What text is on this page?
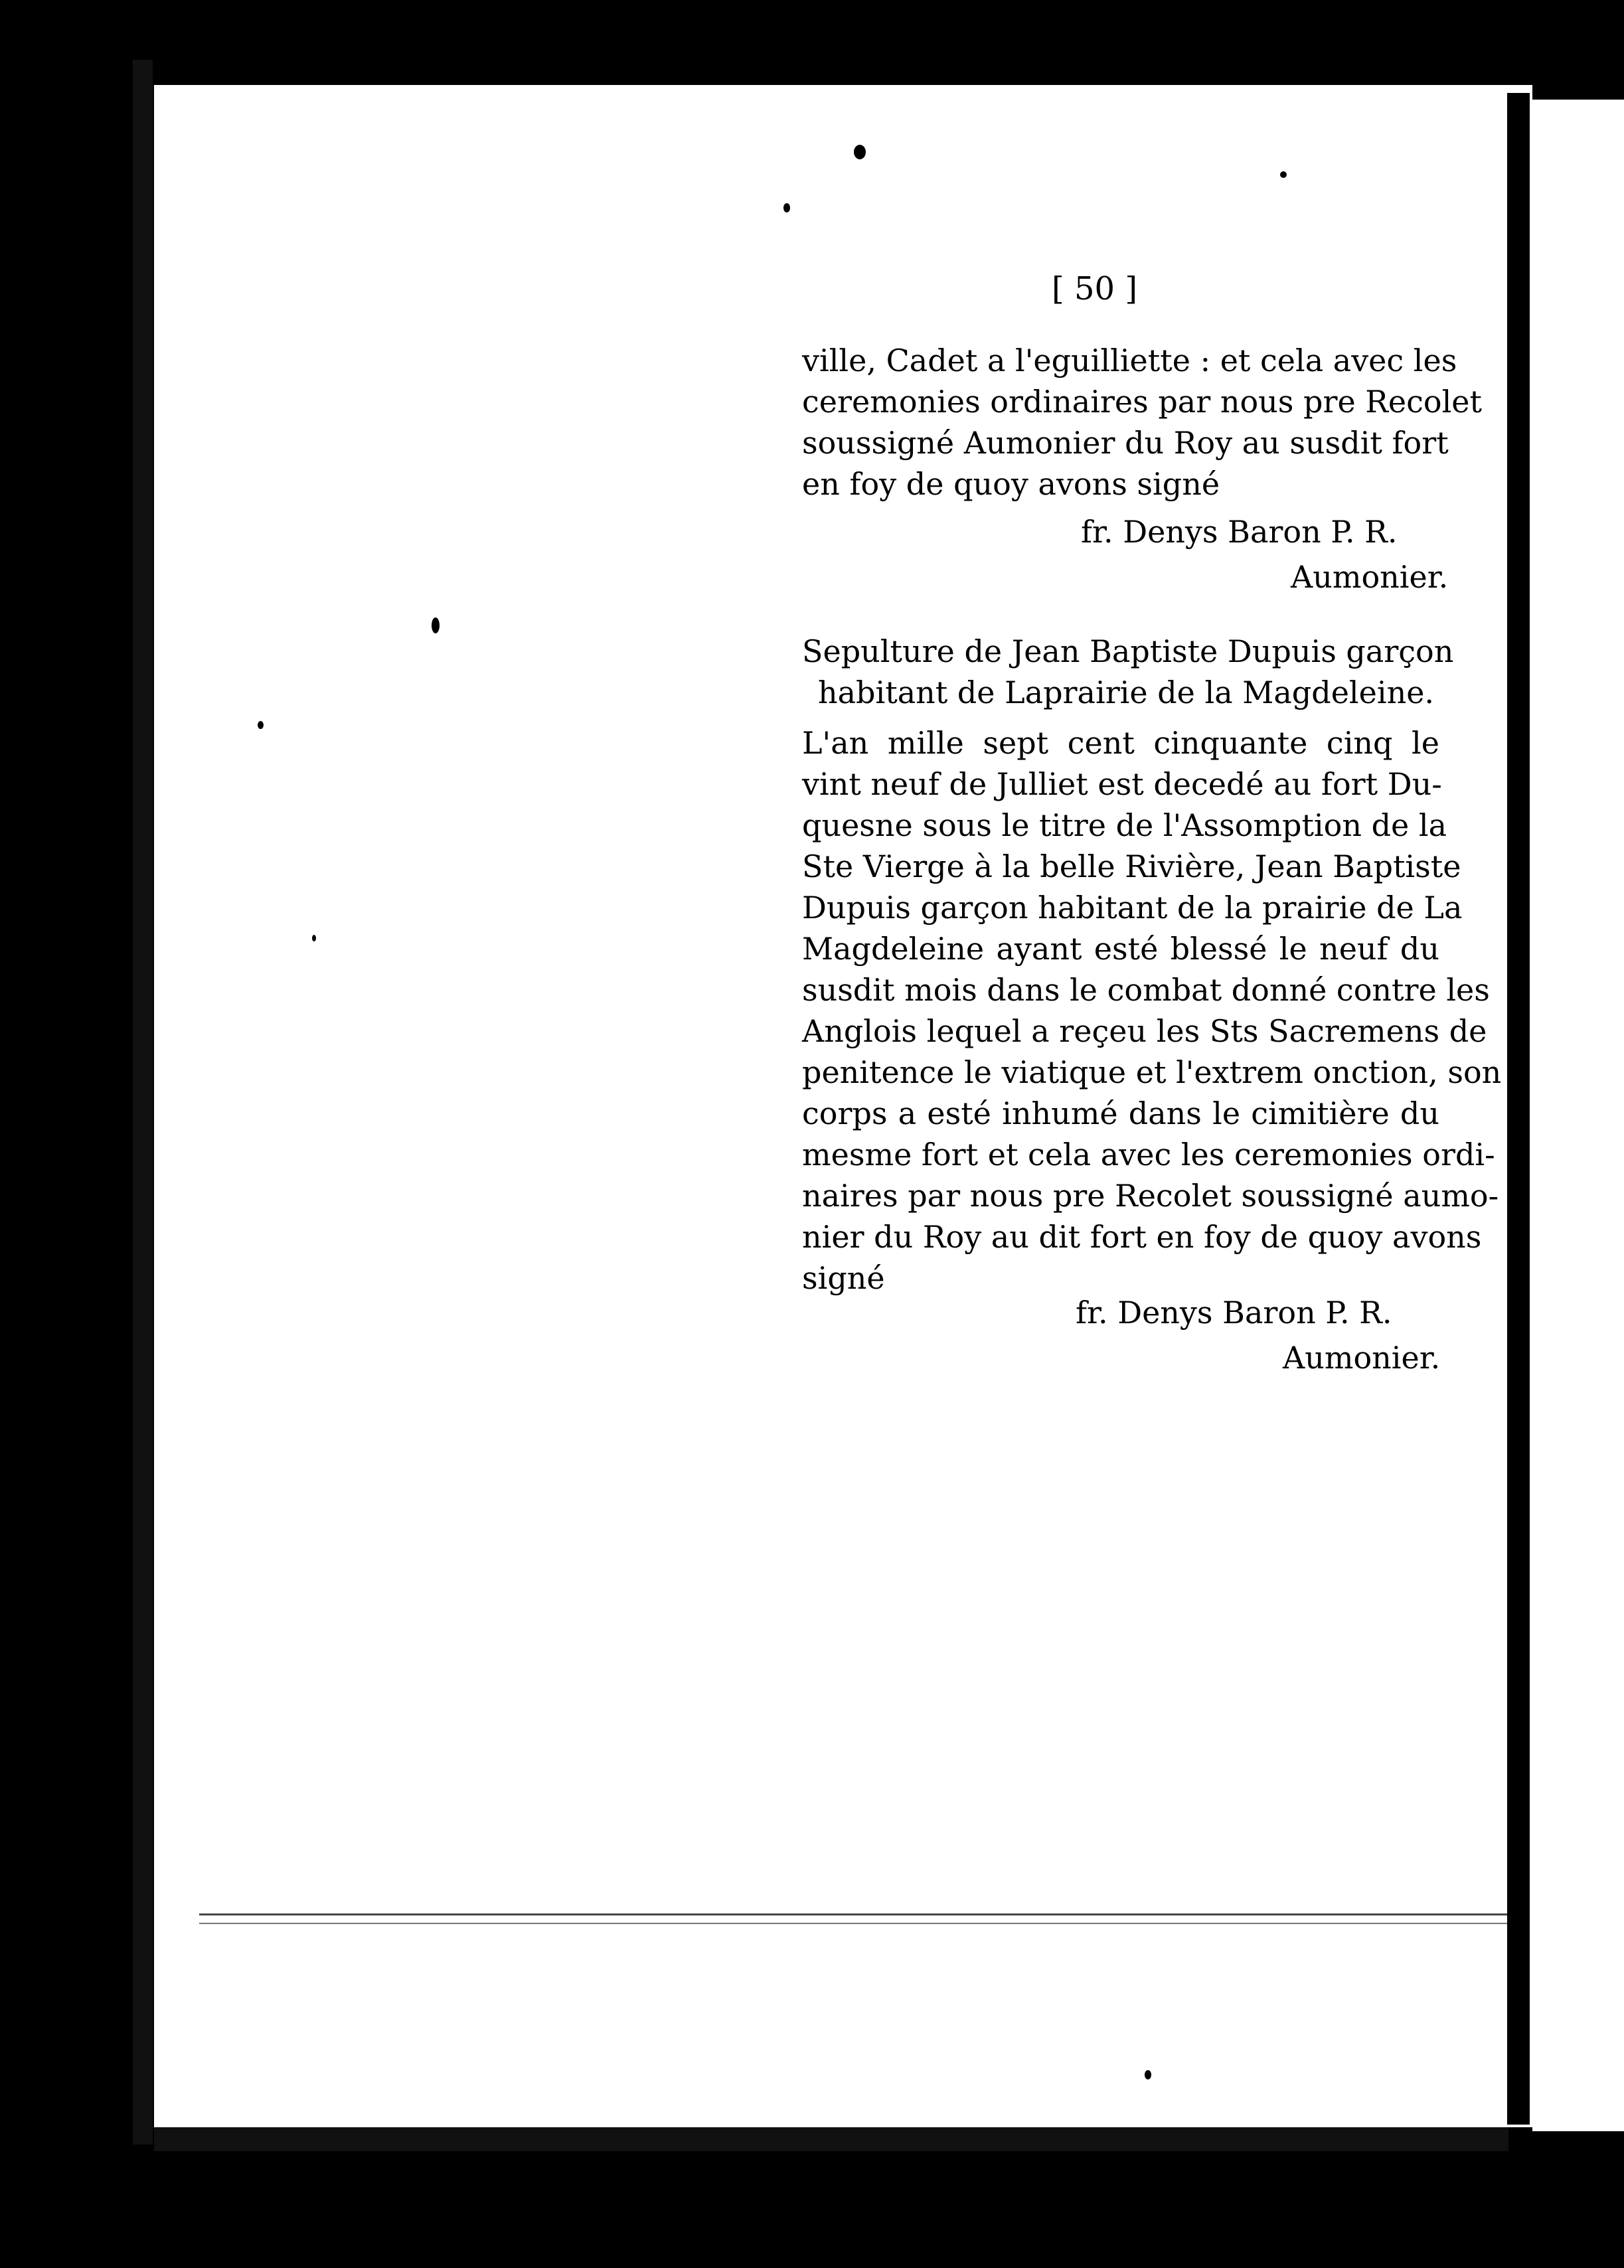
[ 50 ]
ville, Cadet a l'eguilliette : et cela avec les
ceremonies ordinaires par nous pre Recolet
soussigné Aumonier du Roy au susdit fort
en foy de quoy avons signé
fr. Denys Baron P. R.
Aumonier.
Sepulture de Jean Baptiste Dupuis garçon
habitant de Laprairie de la Magdeleine.
L'an mille sept cent cinquante cinq le
vint neuf de Julliet est decedé au fort Du-
quesne sous le titre de l'Assomption de la
Ste Vierge à la belle Rivière, Jean Baptiste
Dupuis garçon habitant de la prairie de La
Magdeleine ayant esté blessé le neuf du
susdit mois dans le combat donné contre les
Anglois lequel a reçeu les Sts Sacremens de
penitence le viatique et l'extrem onction, son
corps a esté inhumé dans le cimitière du
mesme fort et cela avec les ceremonies ordi-
naires par nous pre Recolet soussigné aumo-
nier du Roy au dit fort en foy de quoy avons
signé
fr. Denys Baron P. R.
Aumonier.
